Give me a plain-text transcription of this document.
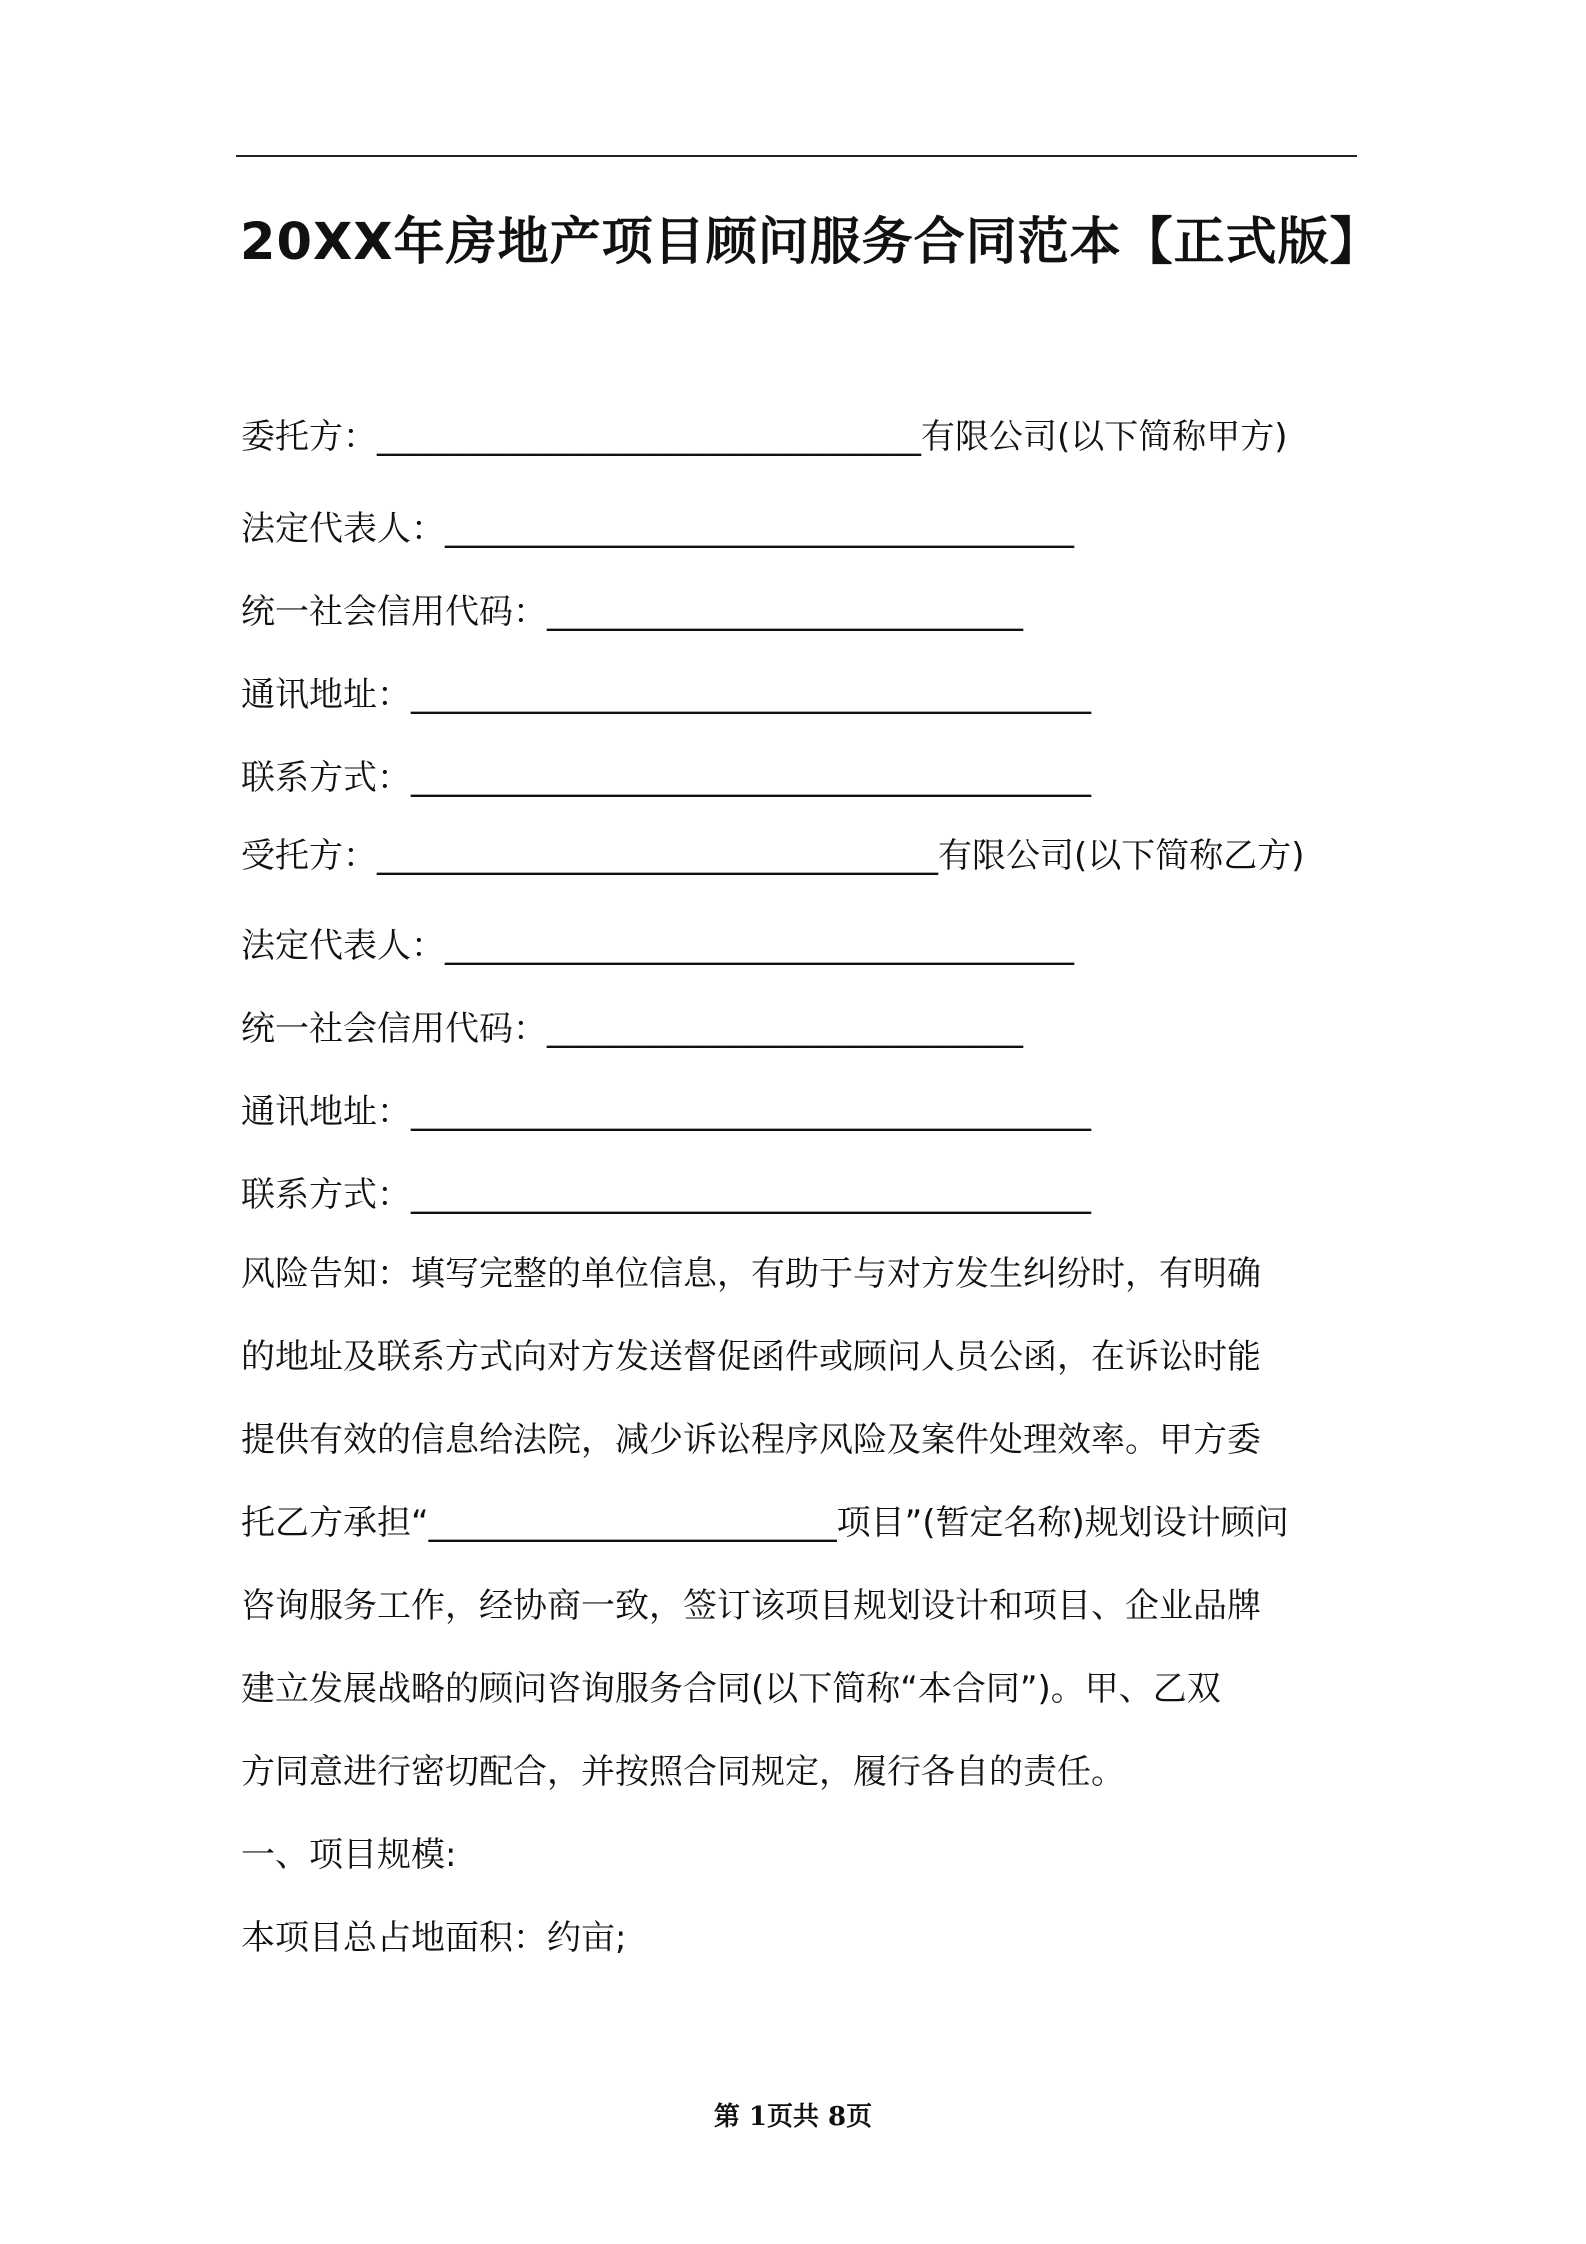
20XX年房地产项目顾问服务合同范本【正式版】
委托方：________________________________有限公司(以下简称甲方)
法定代表人：_____________________________________
统一社会信用代码：____________________________
通讯地址：________________________________________
联系方式：________________________________________
受托方：_________________________________有限公司(以下简称乙方)
法定代表人：_____________________________________
统一社会信用代码：____________________________
通讯地址：________________________________________
联系方式：________________________________________
风险告知：填写完整的单位信息，有助于与对方发生纠纷时，有明确
的地址及联系方式向对方发送督促函件或顾问人员公函，在诉讼时能
提供有效的信息给法院，减少诉讼程序风险及案件处理效率。甲方委
托乙方承担“________________________项目”(暂定名称)规划设计顾问
咨询服务工作，经协商一致，签订该项目规划设计和项目、企业品牌
建立发展战略的顾问咨询服务合同(以下简称“本合同”)。甲、乙双
方同意进行密切配合，并按照合同规定，履行各自的责任。
一、项目规模:
本项目总占地面积：约亩;
第 1页共 8页
